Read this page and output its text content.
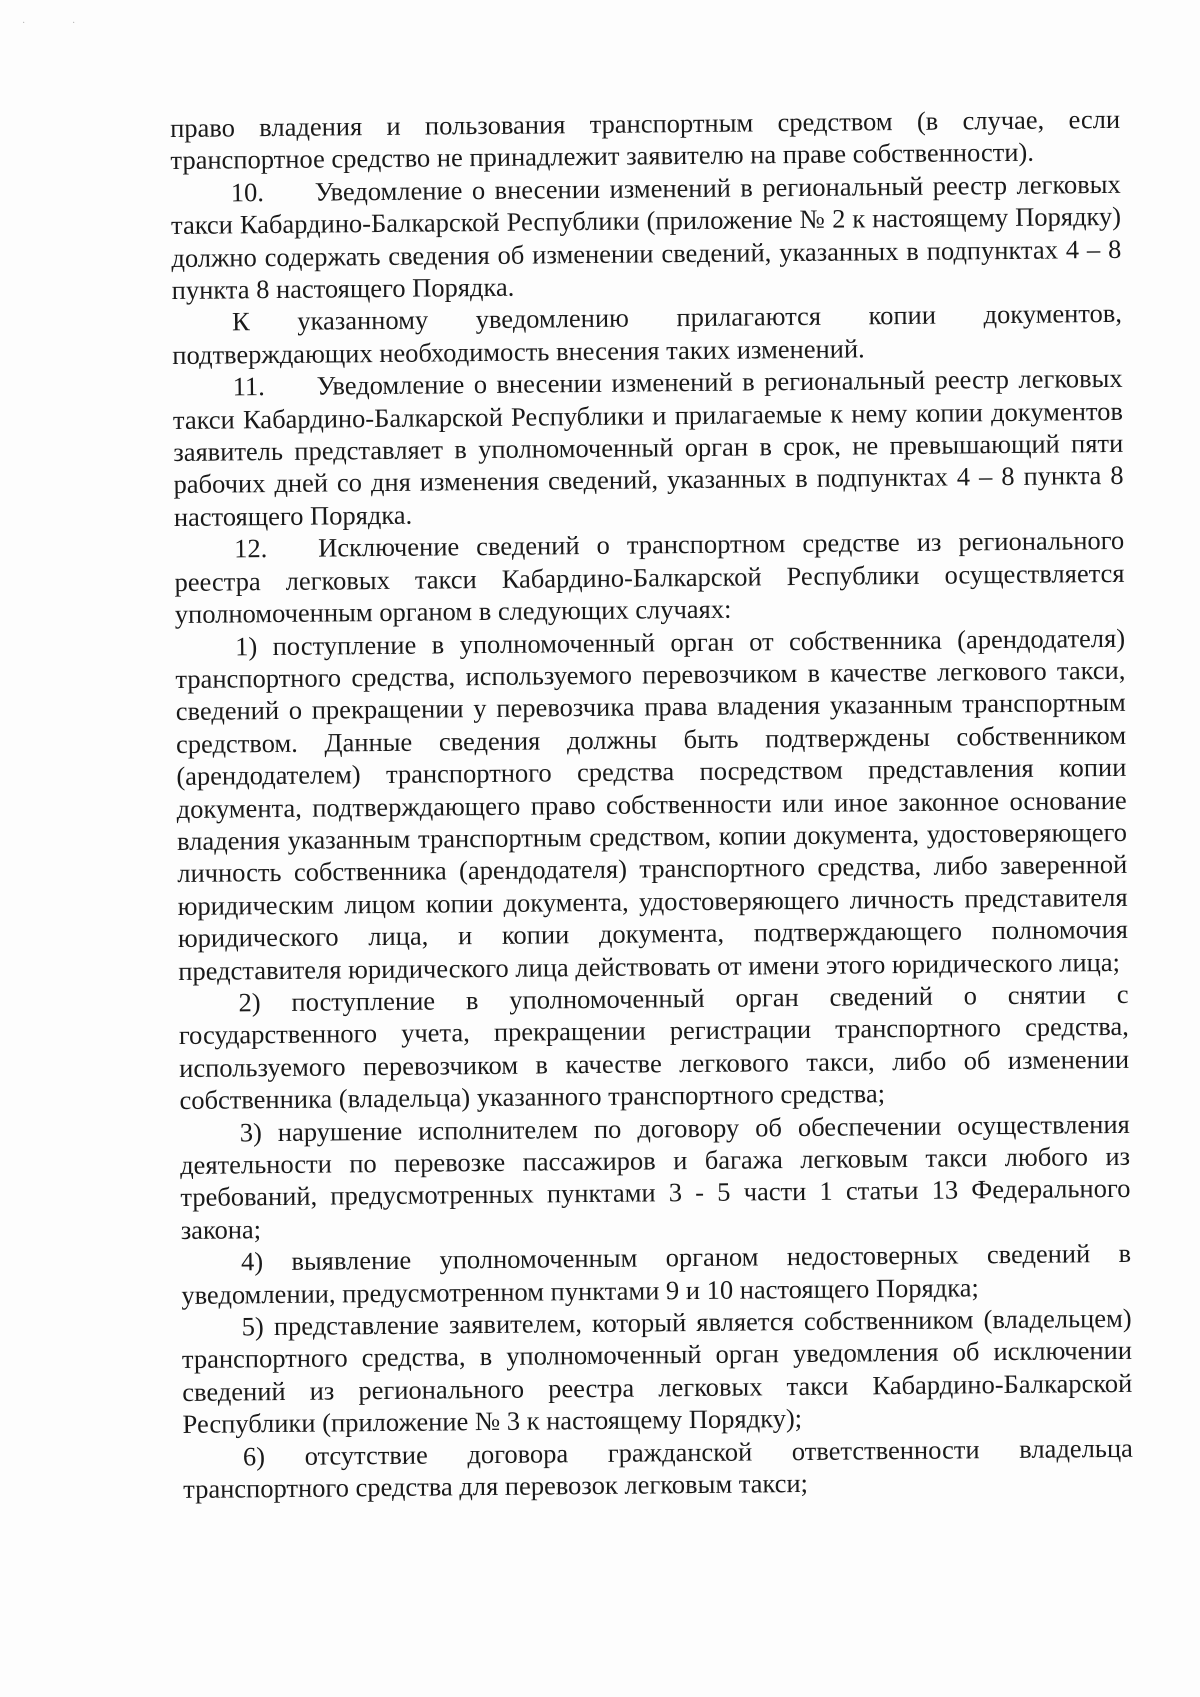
·	·

право владения и пользования транспортным средством (в случае, если транспортное средство не принадлежит заявителю на праве собственности).

10. Уведомление о внесении изменений в региональный реестр легковых такси Кабардино-Балкарской Республики (приложение № 2 к настоящему Порядку) должно содержать сведения об изменении сведений, указанных в подпунктах 4 – 8 пункта 8 настоящего Порядка.

К указанному уведомлению прилагаются копии документов, подтверждающих необходимость внесения таких изменений.

11. Уведомление о внесении изменений в региональный реестр легковых такси Кабардино-Балкарской Республики и прилагаемые к нему копии документов заявитель представляет в уполномоченный орган в срок, не превышающий пяти рабочих дней со дня изменения сведений, указанных в подпунктах 4 – 8 пункта 8 настоящего Порядка.

12. Исключение сведений о транспортном средстве из регионального реестра легковых такси Кабардино-Балкарской Республики осуществляется уполномоченным органом в следующих случаях:

1) поступление в уполномоченный орган от собственника (арендодателя) транспортного средства, используемого перевозчиком в качестве легкового такси, сведений о прекращении у перевозчика права владения указанным транспортным средством. Данные сведения должны быть подтверждены собственником (арендодателем) транспортного средства посредством представления копии документа, подтверждающего право собственности или иное законное основание владения указанным транспортным средством, копии документа, удостоверяющего личность собственника (арендодателя) транспортного средства, либо заверенной юридическим лицом копии документа, удостоверяющего личность представителя юридического лица, и копии документа, подтверждающего полномочия представителя юридического лица действовать от имени этого юридического лица;

2) поступление в уполномоченный орган сведений о снятии с государственного учета, прекращении регистрации транспортного средства, используемого перевозчиком в качестве легкового такси, либо об изменении собственника (владельца) указанного транспортного средства;

3) нарушение исполнителем по договору об обеспечении осуществления деятельности по перевозке пассажиров и багажа легковым такси любого из требований, предусмотренных пунктами 3 - 5 части 1 статьи 13 Федерального закона;

4) выявление уполномоченным органом недостоверных сведений в уведомлении, предусмотренном пунктами 9 и 10 настоящего Порядка;

5) представление заявителем, который является собственником (владельцем) транспортного средства, в уполномоченный орган уведомления об исключении сведений из регионального реестра легковых такси Кабардино-Балкарской Республики (приложение № 3 к настоящему Порядку);

6) отсутствие договора гражданской ответственности владельца транспортного средства для перевозок легковым такси;
